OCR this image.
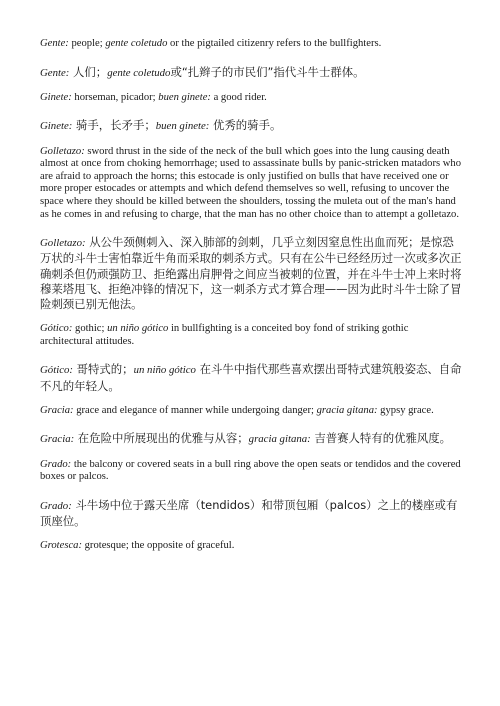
Gente: people; gente coletudo or the pigtailed citizenry refers to the bullfighters.

Gente: 人们；gente coletudo或“扎辫子的市民们”指代斗牛士群体。

Ginete: horseman, picador; buen ginete: a good rider.

Ginete: 骑手，长矛手；buen ginete: 优秀的骑手。

Golletazo: sword thrust in the side of the neck of the bull which goes into the lung causing death almost at once from choking hemorrhage; used to assassinate bulls by panic-stricken matadors who are afraid to approach the horns; this estocade is only justified on bulls that have received one or more proper estocades or attempts and which defend themselves so well, refusing to uncover the space where they should be killed between the shoulders, tossing the muleta out of the man's hand as he comes in and refusing to charge, that the man has no other choice than to attempt a golletazo.

Golletazo: 从公牛颈侧刺入、深入肺部的剑刺，几乎立刻因窒息性出血而死；是惊恐万状的斗牛士害怕靠近牛角而采取的刺杀方式。只有在公牛已经经历过一次或多次正确刺杀但仍顽强防卫、拒绝露出肩胛骨之间应当被刺的位置，并在斗牛士冲上来时将穆莱塔甩飞、拒绝冲锋的情况下，这一刺杀方式才算合理——因为此时斗牛士除了冒险刺颈已别无他法。

Gótico: gothic; un niño gótico in bullfighting is a conceited boy fond of striking gothic architectural attitudes.

Gótico: 哥特式的；un niño gótico 在斗牛中指代那些喜欢摆出哥特式建筑般姿态、自命不凡的年轻人。

Gracia: grace and elegance of manner while undergoing danger; gracia gitana: gypsy grace.

Gracia: 在危险中所展现出的优雅与从容；gracia gitana: 吉普赛人特有的优雅风度。

Grado: the balcony or covered seats in a bull ring above the open seats or tendidos and the covered boxes or palcos.

Grado: 斗牛场中位于露天坐席（tendidos）和带顶包厢（palcos）之上的楼座或有顶座位。

Grotesca: grotesque; the opposite of graceful.
